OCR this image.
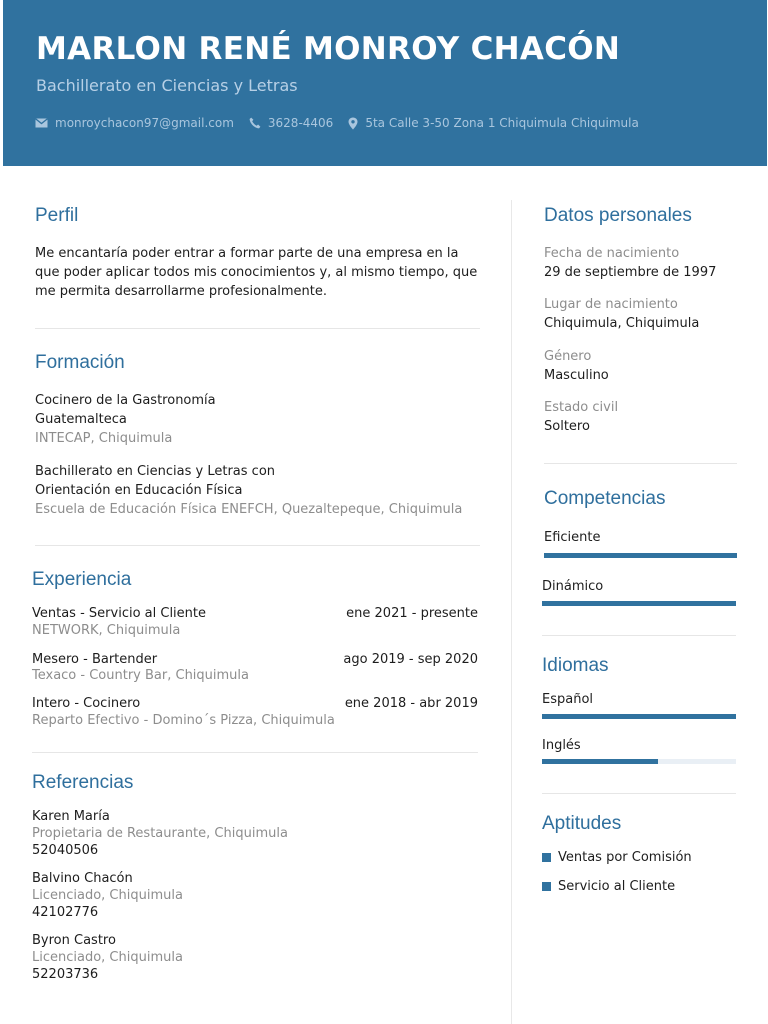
MARLON RENÉ MONROY CHACÓN
Bachillerato en Ciencias y Letras
monroychacon97@gmail.com	3628-4406	5ta Calle 3-50 Zona 1 Chiquimula Chiquimula
Perfil
Me encantaría poder entrar a formar parte de una empresa en la
que poder aplicar todos mis conocimientos y, al mismo tiempo, que
me permita desarrollarme profesionalmente.
Formación
Cocinero de la Gastronomía
Guatemalteca
INTECAP, Chiquimula
Bachillerato en Ciencias y Letras con
Orientación en Educación Física
Escuela de Educación Física ENEFCH, Quezaltepeque, Chiquimula
Experiencia
Ventas - Servicio al Cliente	ene 2021 - presente
NETWORK, Chiquimula
Mesero - Bartender	ago 2019 - sep 2020
Texaco - Country Bar, Chiquimula
Intero - Cocinero	ene 2018 - abr 2019
Reparto Efectivo - Domino´s Pizza, Chiquimula
Referencias
Karen María
Propietaria de Restaurante, Chiquimula
52040506
Balvino Chacón
Licenciado, Chiquimula
42102776
Byron Castro
Licenciado, Chiquimula
52203736
Datos personales
Fecha de nacimiento
29 de septiembre de 1997
Lugar de nacimiento
Chiquimula, Chiquimula
Género
Masculino
Estado civil
Soltero
Competencias
Eficiente
Dinámico
Idiomas
Español
Inglés
Aptitudes
Ventas por Comisión
Servicio al Cliente
